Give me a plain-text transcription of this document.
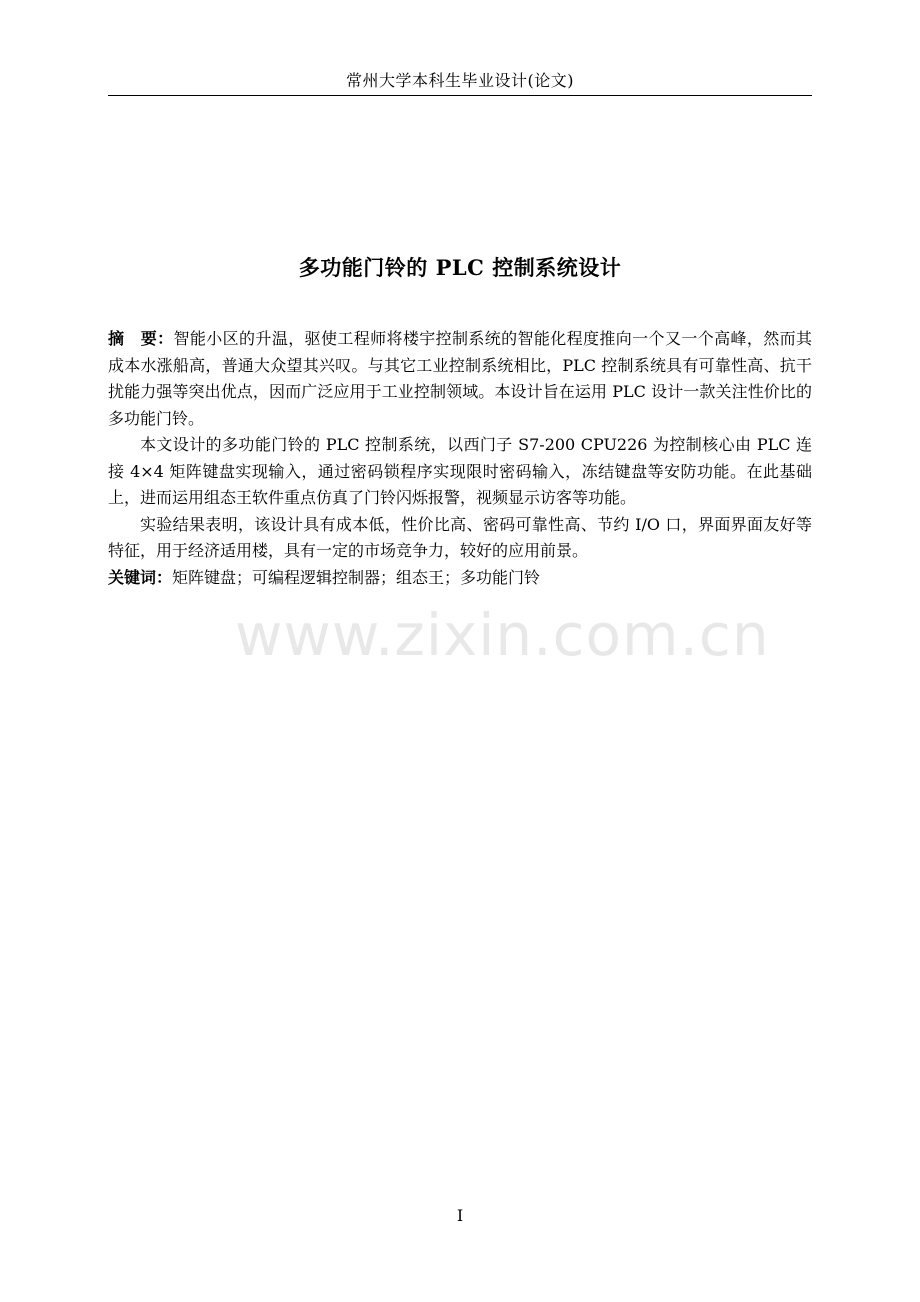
常州大学本科生毕业设计(论文)
多功能门铃的 PLC 控制系统设计

摘　要：智能小区的升温，驱使工程师将楼宇控制系统的智能化程度推向一个又一个高峰，然而其成本水涨船高，普通大众望其兴叹。与其它工业控制系统相比，PLC 控制系统具有可靠性高、抗干扰能力强等突出优点，因而广泛应用于工业控制领域。本设计旨在运用 PLC 设计一款关注性价比的多功能门铃。

本文设计的多功能门铃的 PLC 控制系统，以西门子 S7-200 CPU226 为控制核心由 PLC 连接 4×4 矩阵键盘实现输入，通过密码锁程序实现限时密码输入，冻结键盘等安防功能。在此基础上，进而运用组态王软件重点仿真了门铃闪烁报警，视频显示访客等功能。

实验结果表明，该设计具有成本低，性价比高、密码可靠性高、节约 I/O 口，界面界面友好等特征，用于经济适用楼，具有一定的市场竞争力，较好的应用前景。

关键词：矩阵键盘；可编程逻辑控制器；组态王；多功能门铃

www.zixin.com.cn
I
